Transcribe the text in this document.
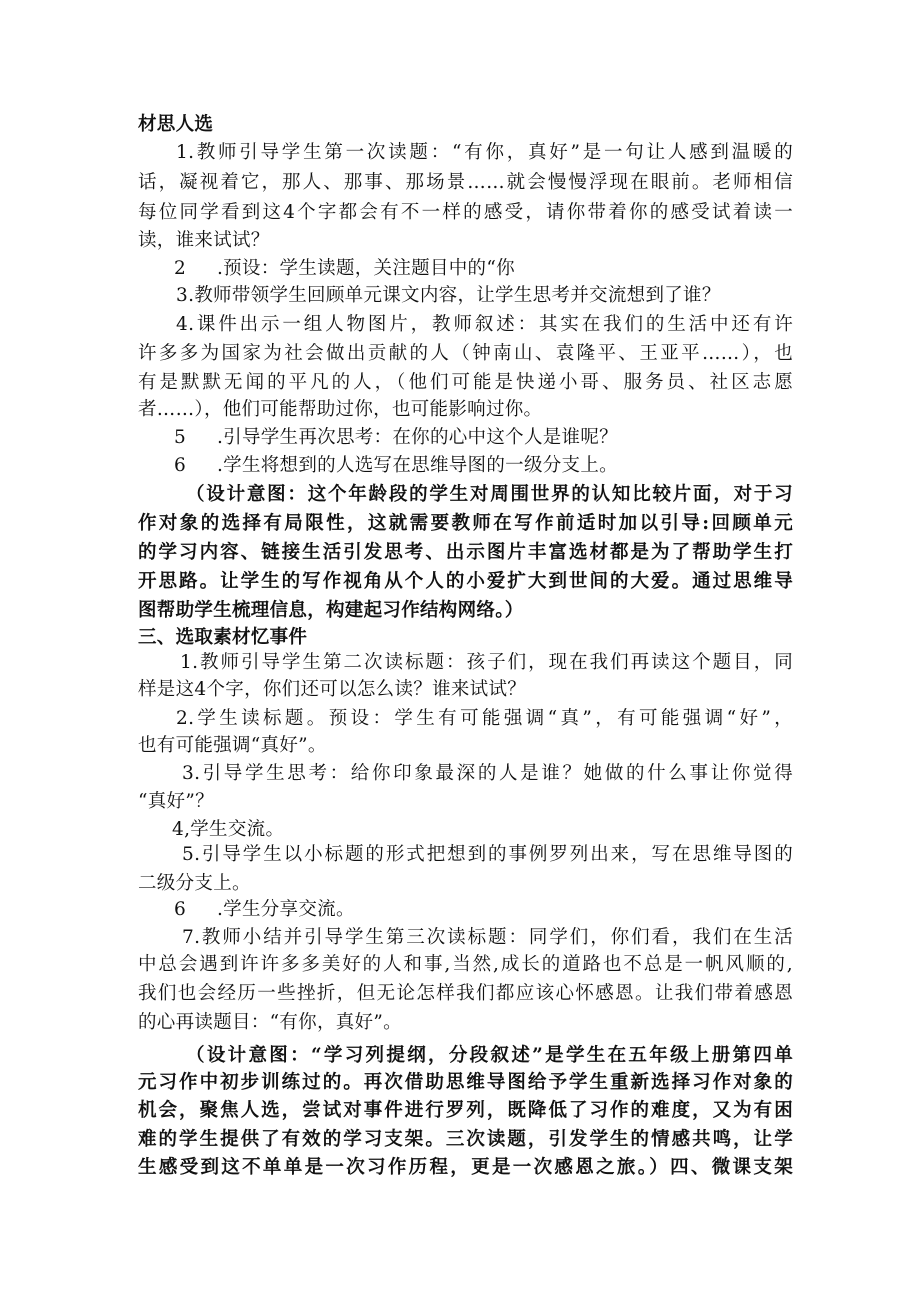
材思人选
1.教师引导学生第一次读题：“有你，真好”是一句让人感到温暖的
话，凝视着它，那人、那事、那场景……就会慢慢浮现在眼前。老师相信
每位同学看到这4个字都会有不一样的感受，请你带着你的感受试着读一
读，谁来试试？
2     .预设：学生读题，关注题目中的“你
3.教师带领学生回顾单元课文内容，让学生思考并交流想到了谁？
4.课件出示一组人物图片，教师叙述：其实在我们的生活中还有许
许多多为国家为社会做出贡献的人（钟南山、袁隆平、王亚平……），也
有是默默无闻的平凡的人，（他们可能是快递小哥、服务员、社区志愿
者……），他们可能帮助过你，也可能影响过你。
5     .引导学生再次思考：在你的心中这个人是谁呢？
6     .学生将想到的人选写在思维导图的一级分支上。
（设计意图：这个年龄段的学生对周围世界的认知比较片面，对于习
作对象的选择有局限性，这就需要教师在写作前适时加以引导:回顾单元
的学习内容、链接生活引发思考、出示图片丰富选材都是为了帮助学生打
开思路。让学生的写作视角从个人的小爱扩大到世间的大爱。通过思维导
图帮助学生梳理信息，构建起习作结构网络。）
三、选取素材忆事件
1.教师引导学生第二次读标题：孩子们，现在我们再读这个题目，同
样是这4个字，你们还可以怎么读？谁来试试？
2.学生读标题。预设：学生有可能强调“真”，有可能强调“好”，
也有可能强调“真好”。
3.引导学生思考：给你印象最深的人是谁？她做的什么事让你觉得
“真好”？
4,学生交流。
5.引导学生以小标题的形式把想到的事例罗列出来，写在思维导图的
二级分支上。
6     .学生分享交流。
7.教师小结并引导学生第三次读标题：同学们，你们看，我们在生活
中总会遇到许许多多美好的人和事,当然,成长的道路也不总是一帆风顺的,
我们也会经历一些挫折，但无论怎样我们都应该心怀感恩。让我们带着感恩
的心再读题目：“有你，真好”。
（设计意图：“学习列提纲，分段叙述”是学生在五年级上册第四单
元习作中初步训练过的。再次借助思维导图给予学生重新选择习作对象的
机会，聚焦人选，尝试对事件进行罗列，既降低了习作的难度，又为有困
难的学生提供了有效的学习支架。三次读题，引发学生的情感共鸣，让学
生感受到这不单单是一次习作历程，更是一次感恩之旅。）四、微课支架
